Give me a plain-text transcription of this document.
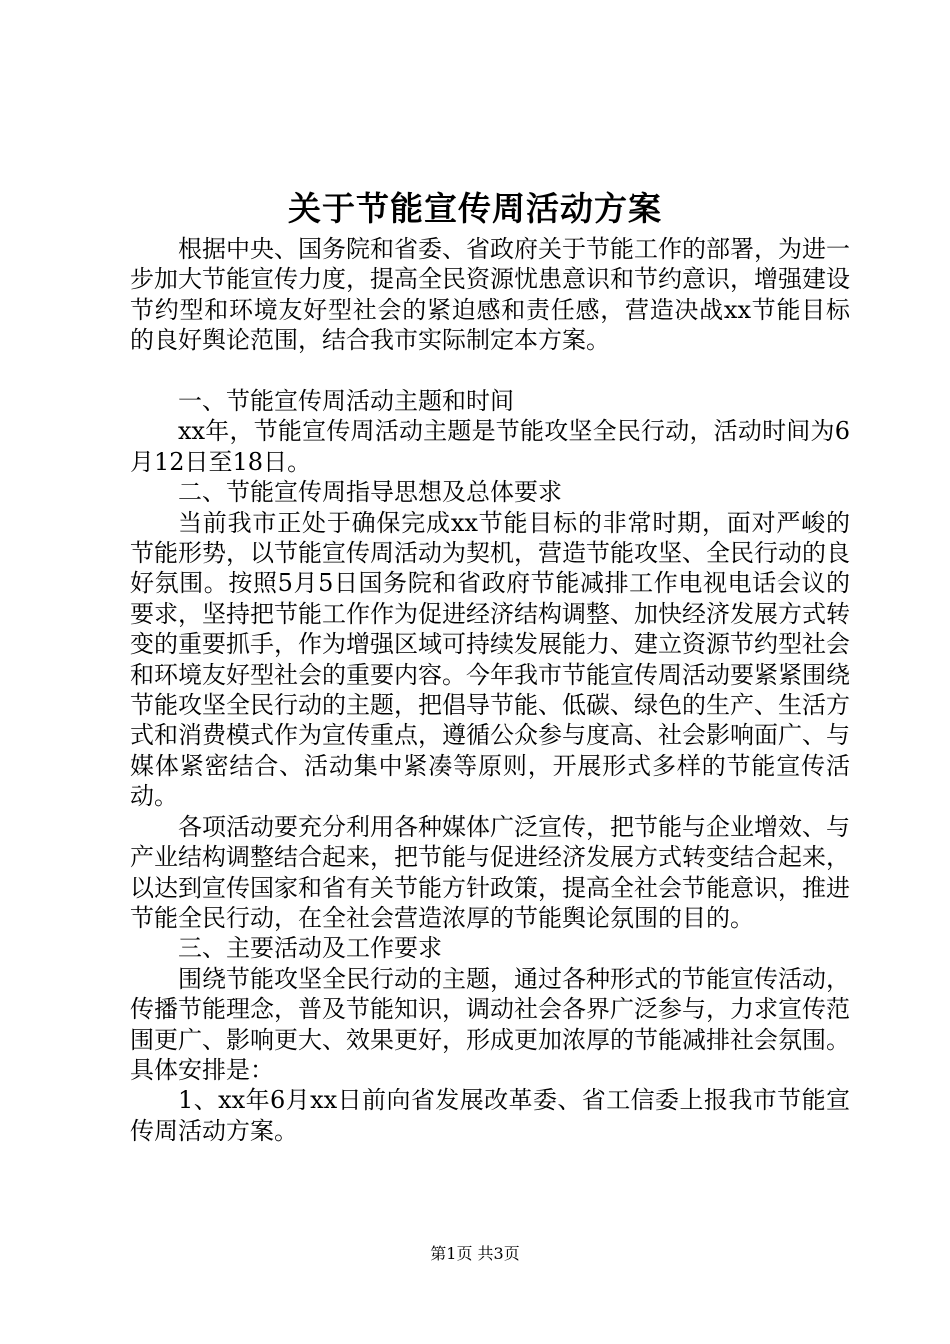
关于节能宣传周活动方案

根据中央、国务院和省委、省政府关于节能工作的部署，为进一步加大节能宣传力度，提高全民资源忧患意识和节约意识，增强建设节约型和环境友好型社会的紧迫感和责任感，营造决战xx节能目标的良好舆论范围，结合我市实际制定本方案。

一、节能宣传周活动主题和时间

xx年，节能宣传周活动主题是节能攻坚全民行动，活动时间为6月12日至18日。

二、节能宣传周指导思想及总体要求

当前我市正处于确保完成xx节能目标的非常时期，面对严峻的节能形势，以节能宣传周活动为契机，营造节能攻坚、全民行动的良好氛围。按照5月5日国务院和省政府节能减排工作电视电话会议的要求，坚持把节能工作作为促进经济结构调整、加快经济发展方式转变的重要抓手，作为增强区域可持续发展能力、建立资源节约型社会和环境友好型社会的重要内容。今年我市节能宣传周活动要紧紧围绕节能攻坚全民行动的主题，把倡导节能、低碳、绿色的生产、生活方式和消费模式作为宣传重点，遵循公众参与度高、社会影响面广、与媒体紧密结合、活动集中紧凑等原则，开展形式多样的节能宣传活动。

各项活动要充分利用各种媒体广泛宣传，把节能与企业增效、与产业结构调整结合起来，把节能与促进经济发展方式转变结合起来，以达到宣传国家和省有关节能方针政策，提高全社会节能意识，推进节能全民行动，在全社会营造浓厚的节能舆论氛围的目的。

三、主要活动及工作要求

围绕节能攻坚全民行动的主题，通过各种形式的节能宣传活动，传播节能理念，普及节能知识，调动社会各界广泛参与，力求宣传范围更广、影响更大、效果更好，形成更加浓厚的节能减排社会氛围。具体安排是：

1、xx年6月xx日前向省发展改革委、省工信委上报我市节能宣传周活动方案。

第1页 共3页
